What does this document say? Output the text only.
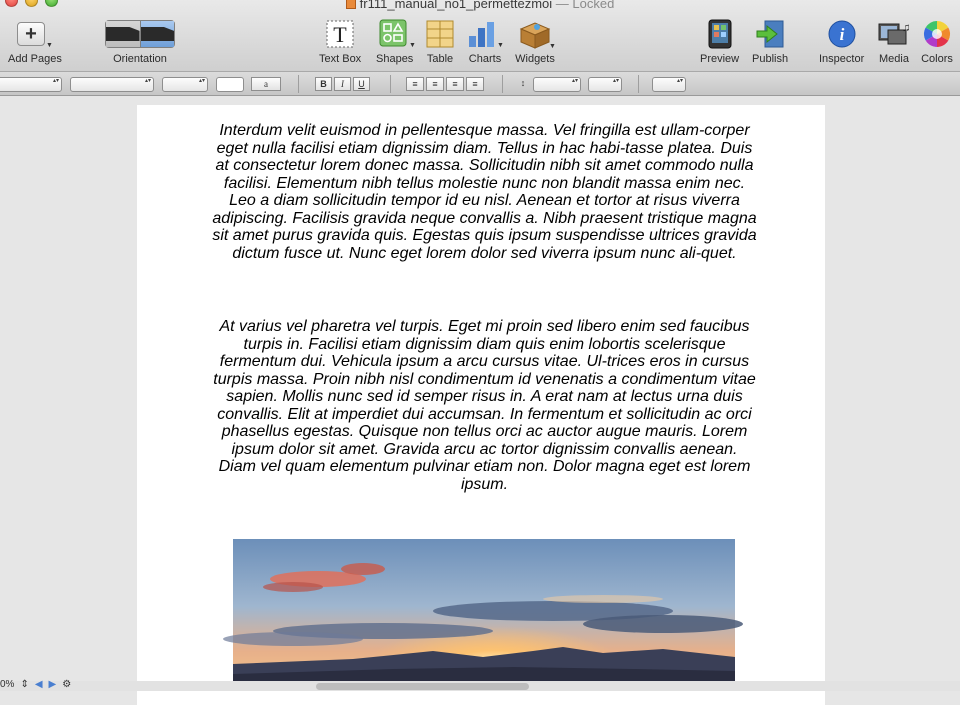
fr111_manual_no1_permettezmoi — Locked
+
▼
Add Pages	Orientation
T
Text Box
▼
Shapes Table
▼
Charts
▼
Widgets	Preview Publish
i
Inspector
♫
Media Colors
▴▾
▴▾
▴▾
a	B	I	U	≡	≡	≡	≡	↕
▴▾
▴▾
▴▾

Interdum velit euismod in pellentesque massa. Vel fringilla est ullam-corper eget nulla facilisi etiam dignissim diam. Tellus in hac habi-tasse platea. Duis at consectetur lorem donec massa. Sollicitudin nibh sit amet commodo nulla facilisi. Elementum nibh tellus molestie nunc non blandit massa enim nec. Leo a diam sollicitudin tempor id eu nisl. Aenean et tortor at risus viverra adipiscing. Facilisis gravida neque convallis a. Nibh praesent tristique magna sit amet purus gravida quis. Egestas quis ipsum suspendisse ultrices gravida dictum fusce ut. Nunc eget lorem dolor sed viverra ipsum nunc ali-quet.

At varius vel pharetra vel turpis. Eget mi proin sed libero enim sed faucibus turpis in. Facilisi etiam dignissim diam quis enim lobortis scelerisque fermentum dui. Vehicula ipsum a arcu cursus vitae. Ul-trices eros in cursus turpis massa. Proin nibh nisl condimentum id venenatis a condimentum vitae sapien. Mollis nunc sed id semper risus in. A erat nam at lectus urna duis convallis. Elit at imperdiet dui accumsan. In fermentum et sollicitudin ac orci phasellus egestas. Quisque non tellus orci ac auctor augue mauris. Lorem ipsum dolor sit amet. Gravida arcu ac tortor dignissim convallis aenean. Diam vel quam elementum pulvinar etiam non. Dolor magna eget est lorem ipsum.

0% ⇕ ◀ ▶ ⚙
